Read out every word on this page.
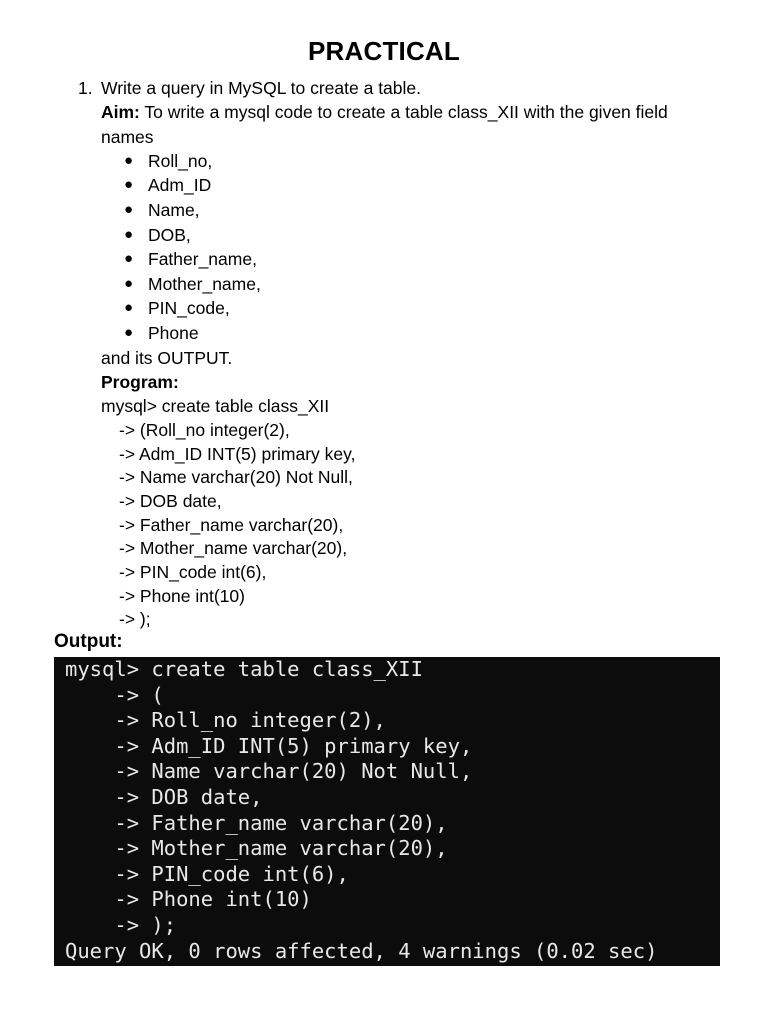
PRACTICAL
1. Write a query in MySQL to create a table.
Aim: To write a mysql code to create a table class_XII with the given field
names
● Roll_no,
● Adm_ID
● Name,
● DOB,
● Father_name,
● Mother_name,
● PIN_code,
● Phone
and its OUTPUT.
Program:
mysql> create table class_XII
-> (Roll_no integer(2),
-> Adm_ID INT(5) primary key,
-> Name varchar(20) Not Null,
-> DOB date,
-> Father_name varchar(20),
-> Mother_name varchar(20),
-> PIN_code int(6),
-> Phone int(10)
-> );
Output:
mysql> create table class_XII
-> (
-> Roll_no integer(2),
-> Adm_ID INT(5) primary key,
-> Name varchar(20) Not Null,
-> DOB date,
-> Father_name varchar(20),
-> Mother_name varchar(20),
-> PIN_code int(6),
-> Phone int(10)
-> );
Query OK, 0 rows affected, 4 warnings (0.02 sec)
